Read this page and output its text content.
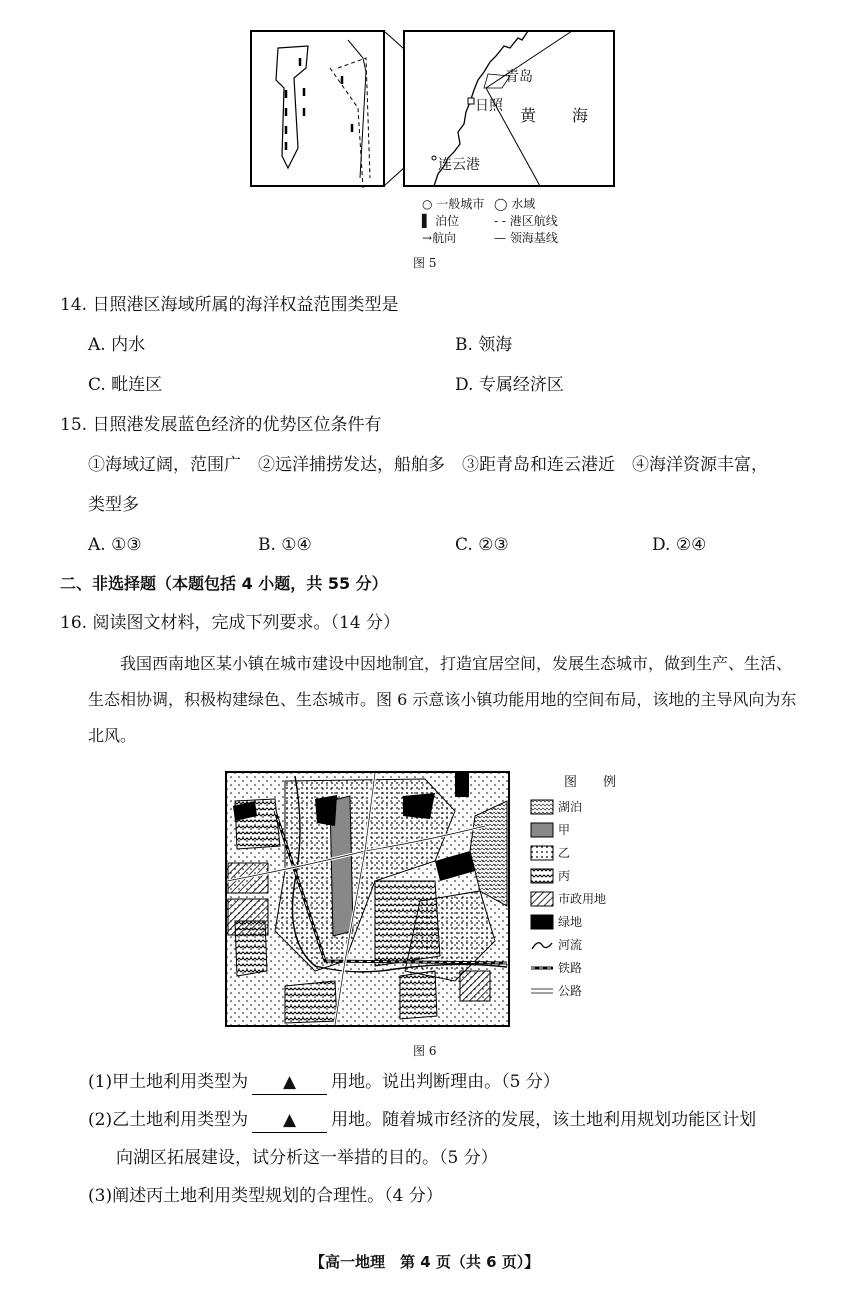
青岛
日照 黄 海
连云港
○ 一般城市 ◯ 水域
▌ 泊位	- - 港区航线
→航向	— 领海基线
图 5
14. 日照港区海域所属的海洋权益范围类型是
A. 内水	B. 领海
C. 毗连区	D. 专属经济区
15. 日照港发展蓝色经济的优势区位条件有
①海域辽阔，范围广　②远洋捕捞发达，船舶多　③距青岛和连云港近　④海洋资源丰富，
类型多
A. ①③	B. ①④	C. ②③	D. ②④
二、非选择题（本题包括 4 小题，共 55 分）
16. 阅读图文材料，完成下列要求。（14 分）
我国西南地区某小镇在城市建设中因地制宜，打造宜居空间，发展生态城市，做到生产、生活、生态相协调，积极构建绿色、生态城市。图 6 示意该小镇功能用地的空间布局，该地的主导风向为东北风。
图　　例
湖泊
甲
乙
丙
市政用地
绿地
河流
铁路
公路
图 6
(1)甲土地利用类型为 ▲ 用地。说出判断理由。（5 分）
(2)乙土地利用类型为 ▲ 用地。随着城市经济的发展，该土地利用规划功能区计划
向湖区拓展建设，试分析这一举措的目的。（5 分）
(3)阐述丙土地利用类型规划的合理性。（4 分）
【高一地理　第 4 页（共 6 页）】
